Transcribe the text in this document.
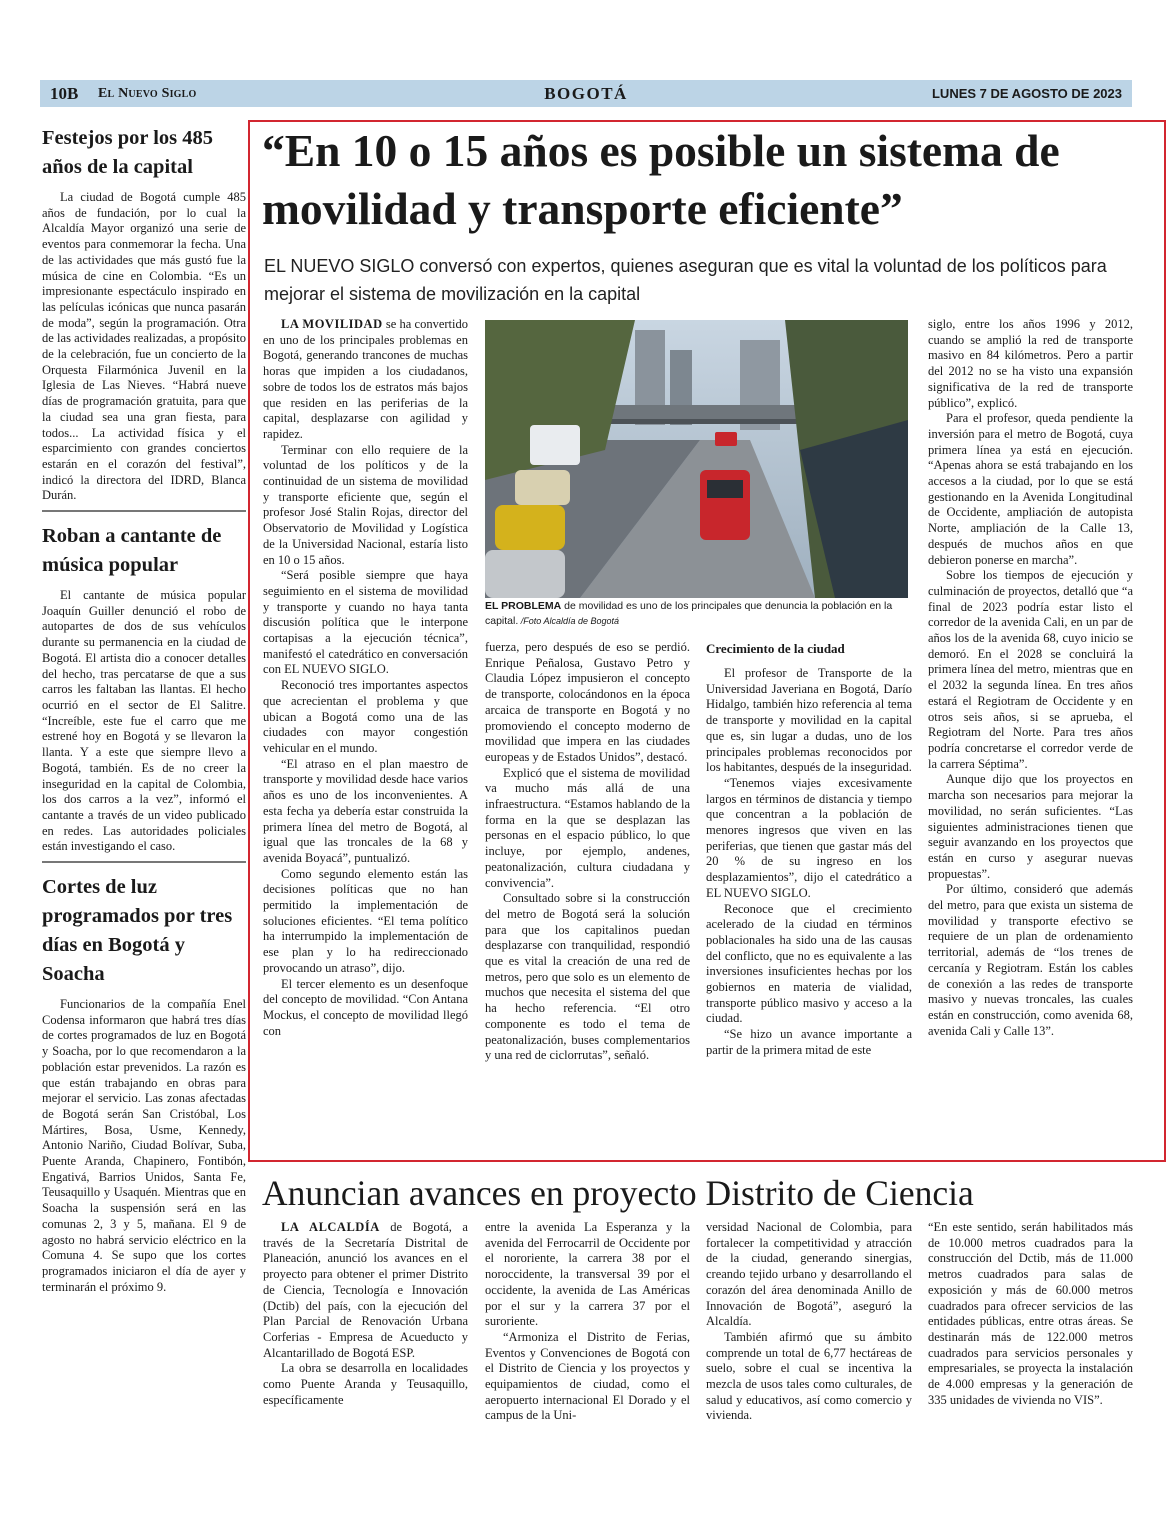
10B El Nuevo Siglo	BOGOTÁ	LUNES 7 DE AGOSTO DE 2023
Festejos por los 485 años de la capital

La ciudad de Bogotá cumple 485 años de fundación, por lo cual la Alcaldía Mayor organizó una serie de eventos para conmemorar la fecha. Una de las actividades que más gustó fue la música de cine en Colombia. “Es un impresionante espectáculo inspirado en las películas icónicas que nunca pasarán de moda”, según la programación. Otra de las actividades realizadas, a propósito de la celebración, fue un concierto de la Orquesta Filarmónica Juvenil en la Iglesia de Las Nieves. “Habrá nueve días de programación gratuita, para que la ciudad sea una gran fiesta, para todos... La actividad física y el esparcimiento con grandes conciertos estarán en el corazón del festival”, indicó la directora del IDRD, Blanca Durán.

Roban a cantante de música popular

El cantante de música popular Joaquín Guiller denunció el robo de autopartes de dos de sus vehículos durante su permanencia en la ciudad de Bogotá. El artista dio a conocer detalles del hecho, tras percatarse de que a sus carros les faltaban las llantas. El hecho ocurrió en el sector de El Salitre. “Increíble, este fue el carro que me estrené hoy en Bogotá y se llevaron la llanta. Y a este que siempre llevo a Bogotá, también. Es de no creer la inseguridad en la capital de Colombia, los dos carros a la vez”, informó el cantante a través de un video publicado en redes. Las autoridades policiales están investigando el caso.

Cortes de luz programados por tres días en Bogotá y Soacha

Funcionarios de la compañía Enel Codensa informaron que habrá tres días de cortes programados de luz en Bogotá y Soacha, por lo que recomendaron a la población estar prevenidos. La razón es que están trabajando en obras para mejorar el servicio. Las zonas afectadas de Bogotá serán San Cristóbal, Los Mártires, Bosa, Usme, Kennedy, Antonio Nariño, Ciudad Bolívar, Suba, Puente Aranda, Chapinero, Fontibón, Engativá, Barrios Unidos, Santa Fe, Teusaquillo y Usaquén. Mientras que en Soacha la suspensión será en las comunas 2, 3 y 5, mañana. El 9 de agosto no habrá servicio eléctrico en la Comuna 4. Se supo que los cortes programados iniciaron el día de ayer y terminarán el próximo 9.

“En 10 o 15 años es posible un sistema de movilidad y transporte eficiente”
EL NUEVO SIGLO conversó con expertos, quienes aseguran que es vital la voluntad de los políticos para mejorar el sistema de movilización en la capital
EL PROBLEMA de movilidad es uno de los principales que denuncia la población en la capital. /Foto Alcaldía de Bogotá

LA MOVILIDAD se ha convertido en uno de los principales problemas en Bogotá, generando trancones de muchas horas que impiden a los ciudadanos, sobre de todos los de estratos más bajos que residen en las periferias de la capital, desplazarse con agilidad y rapidez.

Terminar con ello requiere de la voluntad de los políticos y de la continuidad de un sistema de movilidad y transporte eficiente que, según el profesor José Stalin Rojas, director del Observatorio de Movilidad y Logística de la Universidad Nacional, estaría listo en 10 o 15 años.

“Será posible siempre que haya seguimiento en el sistema de movilidad y transporte y cuando no haya tanta discusión política que le interpone cortapisas a la ejecución técnica”, manifestó el catedrático en conversación con EL NUEVO SIGLO.

Reconoció tres importantes aspectos que acrecientan el problema y que ubican a Bogotá como una de las ciudades con mayor congestión vehicular en el mundo.

“El atraso en el plan maestro de transporte y movilidad desde hace varios años es uno de los inconvenientes. A esta fecha ya debería estar construida la primera línea del metro de Bogotá, al igual que las troncales de la 68 y avenida Boyacá”, puntualizó.

Como segundo elemento están las decisiones políticas que no han permitido la implementación de soluciones eficientes. “El tema político ha interrumpido la implementación de ese plan y lo ha redireccionado provocando un atraso”, dijo.

El tercer elemento es un desenfoque del concepto de movilidad. “Con Antana Mockus, el concepto de movilidad llegó con

fuerza, pero después de eso se perdió. Enrique Peñalosa, Gustavo Petro y Claudia López impusieron el concepto de transporte, colocándonos en la época arcaica de transporte en Bogotá y no promoviendo el concepto moderno de movilidad que impera en las ciudades europeas y de Estados Unidos”, destacó.

Explicó que el sistema de movilidad va mucho más allá de una infraestructura. “Estamos hablando de la forma en la que se desplazan las personas en el espacio público, lo que incluye, por ejemplo, andenes, peatonalización, cultura ciudadana y convivencia”.

Consultado sobre si la construcción del metro de Bogotá será la solución para que los capitalinos puedan desplazarse con tranquilidad, respondió que es vital la creación de una red de metros, pero que solo es un elemento de muchos que necesita el sistema del que ha hecho referencia. “El otro componente es todo el tema de peatonalización, buses complementarios y una red de ciclorrutas”, señaló.

Crecimiento de la ciudad

El profesor de Transporte de la Universidad Javeriana en Bogotá, Darío Hidalgo, también hizo referencia al tema de transporte y movilidad en la capital que es, sin lugar a dudas, uno de los principales problemas reconocidos por los habitantes, después de la inseguridad.

“Tenemos viajes excesivamente largos en términos de distancia y tiempo que concentran a la población de menores ingresos que viven en las periferias, que tienen que gastar más del 20 % de su ingreso en los desplazamientos”, dijo el catedrático a EL NUEVO SIGLO.

Reconoce que el crecimiento acelerado de la ciudad en términos poblacionales ha sido una de las causas del conflicto, que no es equivalente a las inversiones insuficientes hechas por los gobiernos en materia de vialidad, transporte público masivo y acceso a la ciudad.

“Se hizo un avance importante a partir de la primera mitad de este

siglo, entre los años 1996 y 2012, cuando se amplió la red de transporte masivo en 84 kilómetros. Pero a partir del 2012 no se ha visto una expansión significativa de la red de transporte público”, explicó.

Para el profesor, queda pendiente la inversión para el metro de Bogotá, cuya primera línea ya está en ejecución. “Apenas ahora se está trabajando en los accesos a la ciudad, por lo que se está gestionando en la Avenida Longitudinal de Occidente, ampliación de autopista Norte, ampliación de la Calle 13, después de muchos años en que debieron ponerse en marcha”.

Sobre los tiempos de ejecución y culminación de proyectos, detalló que “a final de 2023 podría estar listo el corredor de la avenida Cali, en un par de años los de la avenida 68, cuyo inicio se demoró. En el 2028 se concluirá la primera línea del metro, mientras que en el 2032 la segunda línea. En tres años estará el Regiotram de Occidente y en otros seis años, si se aprueba, el Regiotram del Norte. Para tres años podría concretarse el corredor verde de la carrera Séptima”.

Aunque dijo que los proyectos en marcha son necesarios para mejorar la movilidad, no serán suficientes. “Las siguientes administraciones tienen que seguir avanzando en los proyectos que están en curso y asegurar nuevas propuestas”.

Por último, consideró que además del metro, para que exista un sistema de movilidad y transporte efectivo se requiere de un plan de ordenamiento territorial, además de “los trenes de cercanía y Regiotram. Están los cables de conexión a las redes de transporte masivo y nuevas troncales, las cuales están en construcción, como avenida 68, avenida Cali y Calle 13”.

Anuncian avances en proyecto Distrito de Ciencia

LA ALCALDÍA de Bogotá, a través de la Secretaría Distrital de Planeación, anunció los avances en el proyecto para obtener el primer Distrito de Ciencia, Tecnología e Innovación (Dctib) del país, con la ejecución del Plan Parcial de Renovación Urbana Corferias - Empresa de Acueducto y Alcantarillado de Bogotá ESP.

La obra se desarrolla en localidades como Puente Aranda y Teusaquillo, específicamente

entre la avenida La Esperanza y la avenida del Ferrocarril de Occidente por el nororiente, la carrera 38 por el noroccidente, la transversal 39 por el occidente, la avenida de Las Américas por el sur y la carrera 37 por el suroriente.

“Armoniza el Distrito de Ferias, Eventos y Convenciones de Bogotá con el Distrito de Ciencia y los proyectos y equipamientos de ciudad, como el aeropuerto internacional El Dorado y el campus de la Uni-

versidad Nacional de Colombia, para fortalecer la competitividad y atracción de la ciudad, generando sinergias, creando tejido urbano y desarrollando el corazón del área denominada Anillo de Innovación de Bogotá”, aseguró la Alcaldía.

También afirmó que su ámbito comprende un total de 6,77 hectáreas de suelo, sobre el cual se incentiva la mezcla de usos tales como culturales, de salud y educativos, así como comercio y vivienda.

“En este sentido, serán habilitados más de 10.000 metros cuadrados para la construcción del Dctib, más de 11.000 metros cuadrados para salas de exposición y más de 60.000 metros cuadrados para ofrecer servicios de las entidades públicas, entre otras áreas. Se destinarán más de 122.000 metros cuadrados para servicios personales y empresariales, se proyecta la instalación de 4.000 empresas y la generación de 335 unidades de vivienda no VIS”.
